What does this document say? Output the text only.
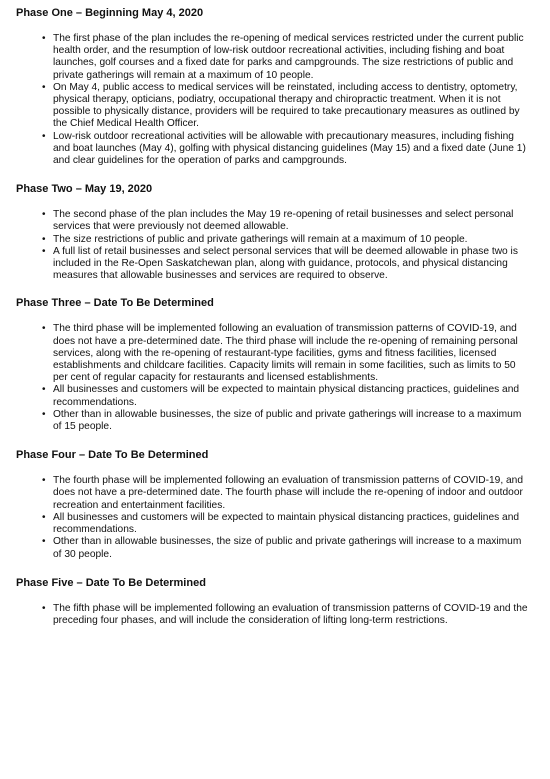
Phase One – Beginning May 4, 2020
• The first phase of the plan includes the re-opening of medical services restricted under the current public health order, and the resumption of low-risk outdoor recreational activities, including fishing and boat launches, golf courses and a fixed date for parks and campgrounds. The size restrictions of public and private gatherings will remain at a maximum of 10 people.
• On May 4, public access to medical services will be reinstated, including access to dentistry, optometry, physical therapy, opticians, podiatry, occupational therapy and chiropractic treatment. When it is not possible to physically distance, providers will be required to take precautionary measures as outlined by the Chief Medical Health Officer.
• Low-risk outdoor recreational activities will be allowable with precautionary measures, including fishing and boat launches (May 4), golfing with physical distancing guidelines (May 15) and a fixed date (June 1) and clear guidelines for the operation of parks and campgrounds.
Phase Two – May 19, 2020
• The second phase of the plan includes the May 19 re-opening of retail businesses and select personal services that were previously not deemed allowable.
• The size restrictions of public and private gatherings will remain at a maximum of 10 people.
• A full list of retail businesses and select personal services that will be deemed allowable in phase two is included in the Re-Open Saskatchewan plan, along with guidance, protocols, and physical distancing measures that allowable businesses and services are required to observe.
Phase Three – Date To Be Determined
• The third phase will be implemented following an evaluation of transmission patterns of COVID-19, and does not have a pre-determined date. The third phase will include the re-opening of remaining personal services, along with the re-opening of restaurant-type facilities, gyms and fitness facilities, licensed establishments and childcare facilities. Capacity limits will remain in some facilities, such as limits to 50 per cent of regular capacity for restaurants and licensed establishments.
• All businesses and customers will be expected to maintain physical distancing practices, guidelines and recommendations.
• Other than in allowable businesses, the size of public and private gatherings will increase to a maximum of 15 people.
Phase Four – Date To Be Determined
• The fourth phase will be implemented following an evaluation of transmission patterns of COVID-19, and does not have a pre-determined date. The fourth phase will include the re-opening of indoor and outdoor recreation and entertainment facilities.
• All businesses and customers will be expected to maintain physical distancing practices, guidelines and recommendations.
• Other than in allowable businesses, the size of public and private gatherings will increase to a maximum of 30 people.
Phase Five – Date To Be Determined
• The fifth phase will be implemented following an evaluation of transmission patterns of COVID-19 and the preceding four phases, and will include the consideration of lifting long-term restrictions.
